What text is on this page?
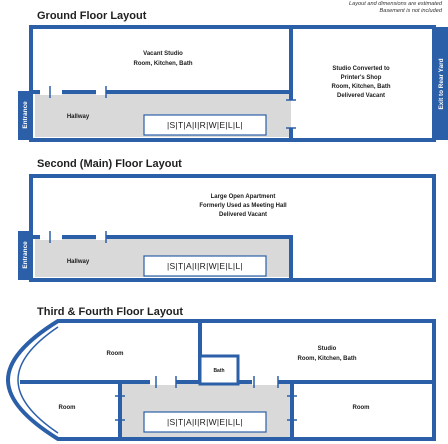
Layout and dimensions are estimated
Basement is not included
Ground Floor Layout
Second (Main) Floor Layout
Third & Fourth Floor Layout
Vacant Studio
Room, Kitchen, Bath
Studio Converted to
Printer's Shop
Room, Kitchen, Bath
Delivered Vacant
Hallway
|S|T|A|I|R|W|E|L|L|
Entrance
Exit to Rear Yard
Large Open Apartment
Formerly Used as Meeting Hall
Delivered Vacant
Hallway	|S|T|A|I|R|W|E|L|L|
Entrance
Room
Studio
Room, Kitchen, Bath
Bath
Room	Room
|S|T|A|I|R|W|E|L|L|
